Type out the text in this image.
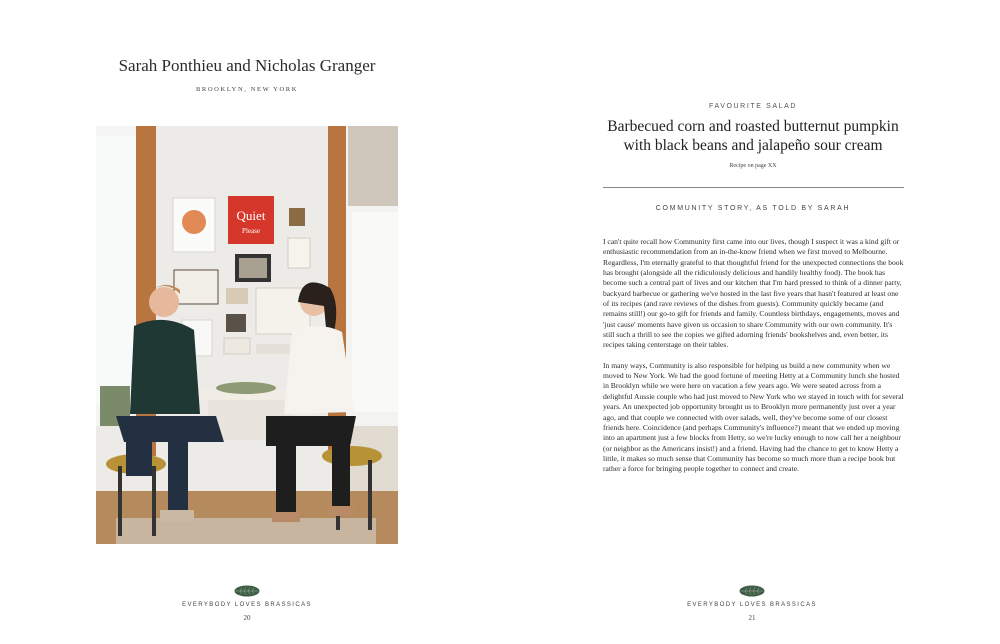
Sarah Ponthieu and Nicholas Granger
BROOKLYN, NEW YORK
Quiet
Please
EVERYBODY LOVES BRASSICAS
20
FAVOURITE SALAD
Barbecued corn and roasted butternut pumpkin with black beans and jalapeño sour cream
Recipe on page XX
COMMUNITY STORY, AS TOLD BY SARAH

I can't quite recall how Community first came into our lives, though I suspect it was a kind gift or enthusiastic recommendation from an in-the-know friend when we first moved to Melbourne. Regardless, I'm eternally grateful to that thoughtful friend for the unexpected connections the book has brought (alongside all the ridiculously delicious and handily healthy food). The book has become such a central part of lives and our kitchen that I'm hard pressed to think of a dinner party, backyard barbecue or gathering we've hosted in the last five years that hasn't featured at least one of its recipes (and rave reviews of the dishes from guests). Community quickly became (and remains still!) our go-to gift for friends and family. Countless birthdays, engagements, moves and 'just cause' moments have given us occasion to share Community with our own community. It's still such a thrill to see the copies we gifted adorning friends' bookshelves and, even better, its recipes taking centerstage on their tables.

In many ways, Community is also responsible for helping us build a new community when we moved to New York. We had the good fortune of meeting Hetty at a Community lunch she hosted in Brooklyn while we were here on vacation a few years ago. We were seated across from a delightful Aussie couple who had just moved to New York who we stayed in touch with for several years. An unexpected job opportunity brought us to Brooklyn more permanently just over a year ago, and that couple we connected with over salads, well, they've become some of our closest friends here. Coincidence (and perhaps Community's influence?) meant that we ended up moving into an apartment just a few blocks from Hetty, so we're lucky enough to now call her a neighbour (or neighbor as the Americans insist!) and a friend. Having had the chance to get to know Hetty a little, it makes so much sense that Community has become so much more than a recipe book but rather a force for bringing people together to connect and create.

EVERYBODY LOVES BRASSICAS
21
